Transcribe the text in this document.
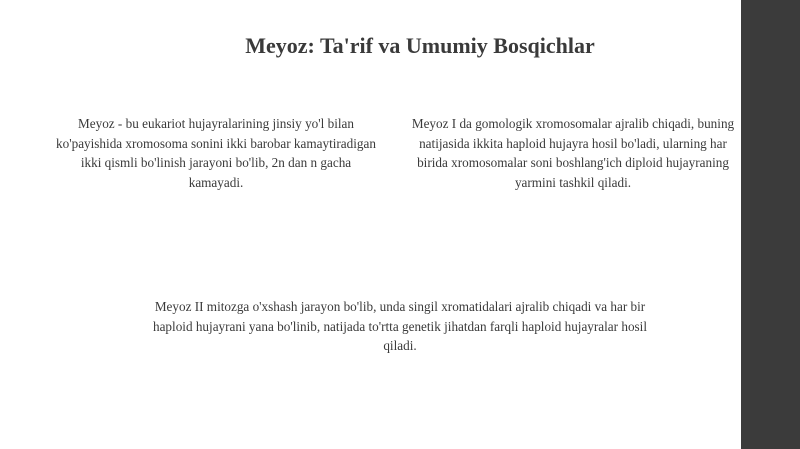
Meyoz: Ta'rif va Umumiy Bosqichlar
Meyoz - bu eukariot hujayralarining jinsiy yo'l bilan ko'payishida xromosoma sonini ikki barobar kamaytiradigan ikki qismli bo'linish jarayoni bo'lib, 2n dan n gacha kamayadi.
Meyoz I da gomologik xromosomalar ajralib chiqadi, buning natijasida ikkita haploid hujayra hosil bo'ladi, ularning har birida xromosomalar soni boshlang'ich diploid hujayraning yarmini tashkil qiladi.
Meyoz II mitozga o'xshash jarayon bo'lib, unda singil xromatidalari ajralib chiqadi va har bir haploid hujayrani yana bo'linib, natijada to'rtta genetik jihatdan farqli haploid hujayralar hosil qiladi.
